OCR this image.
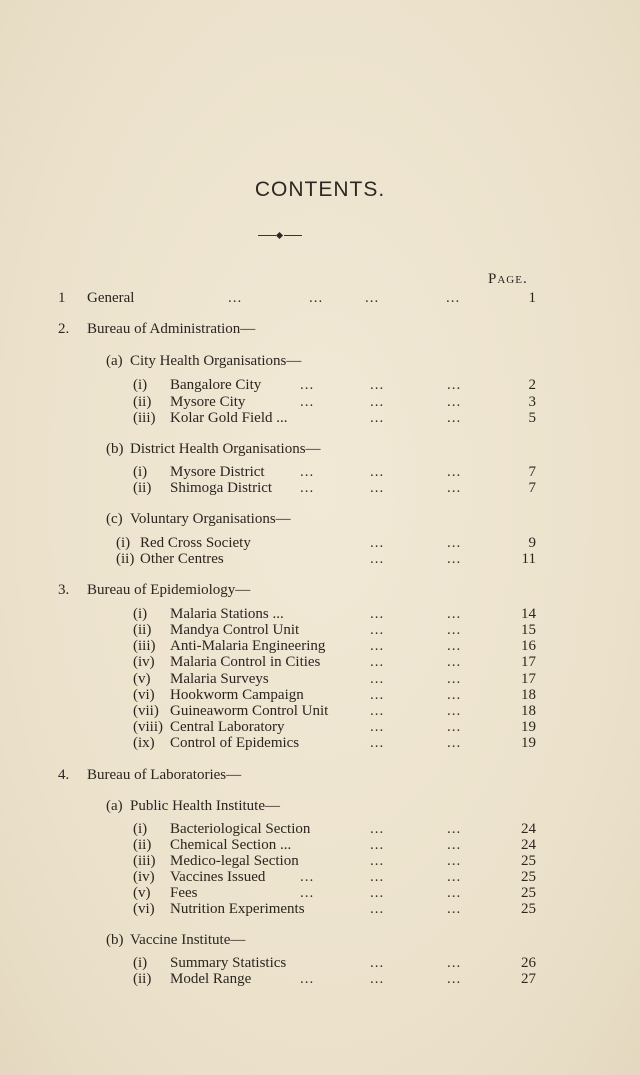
CONTENTS.
Page.
1 General	...	...	...	...	1
2. Bureau of Administration—
(a) City Health Organisations—
(i) Bangalore City	...	...	...	2
(ii) Mysore City	...	...	...	3
(iii) Kolar Gold Field ...	...	...	5
(b) District Health Organisations—
(i) Mysore District ...	...	...	7
(ii) Shimoga District ...	...	...	7
(c) Voluntary Organisations—
(i) Red Cross Society	...	...	9
(ii) Other Centres	...	...	11
3. Bureau of Epidemiology—
(i) Malaria Stations ...	...	...	14
(ii) Mandya Control Unit	...	...	15
(iii) Anti-Malaria Engineering	...	...	16
(iv) Malaria Control in Cities	...	...	17
(v) Malaria Surveys	...	...	17
(vi) Hookworm Campaign	...	...	18
(vii) Guineaworm Control Unit	...	...	18
(viii) Central Laboratory	...	...	19
(ix) Control of Epidemics	...	...	19
4. Bureau of Laboratories—
(a) Public Health Institute—
(i) Bacteriological Section	...	...	24
(ii) Chemical Section ...	...	...	24
(iii) Medico-legal Section	...	...	25
(iv) Vaccines Issued ...	...	...	25
(v) Fees	...	...	...	25
(vi) Nutrition Experiments	...	...	25
(b) Vaccine Institute—
(i) Summary Statistics	...	...	26
(ii) Model Range	...	...	...	27
